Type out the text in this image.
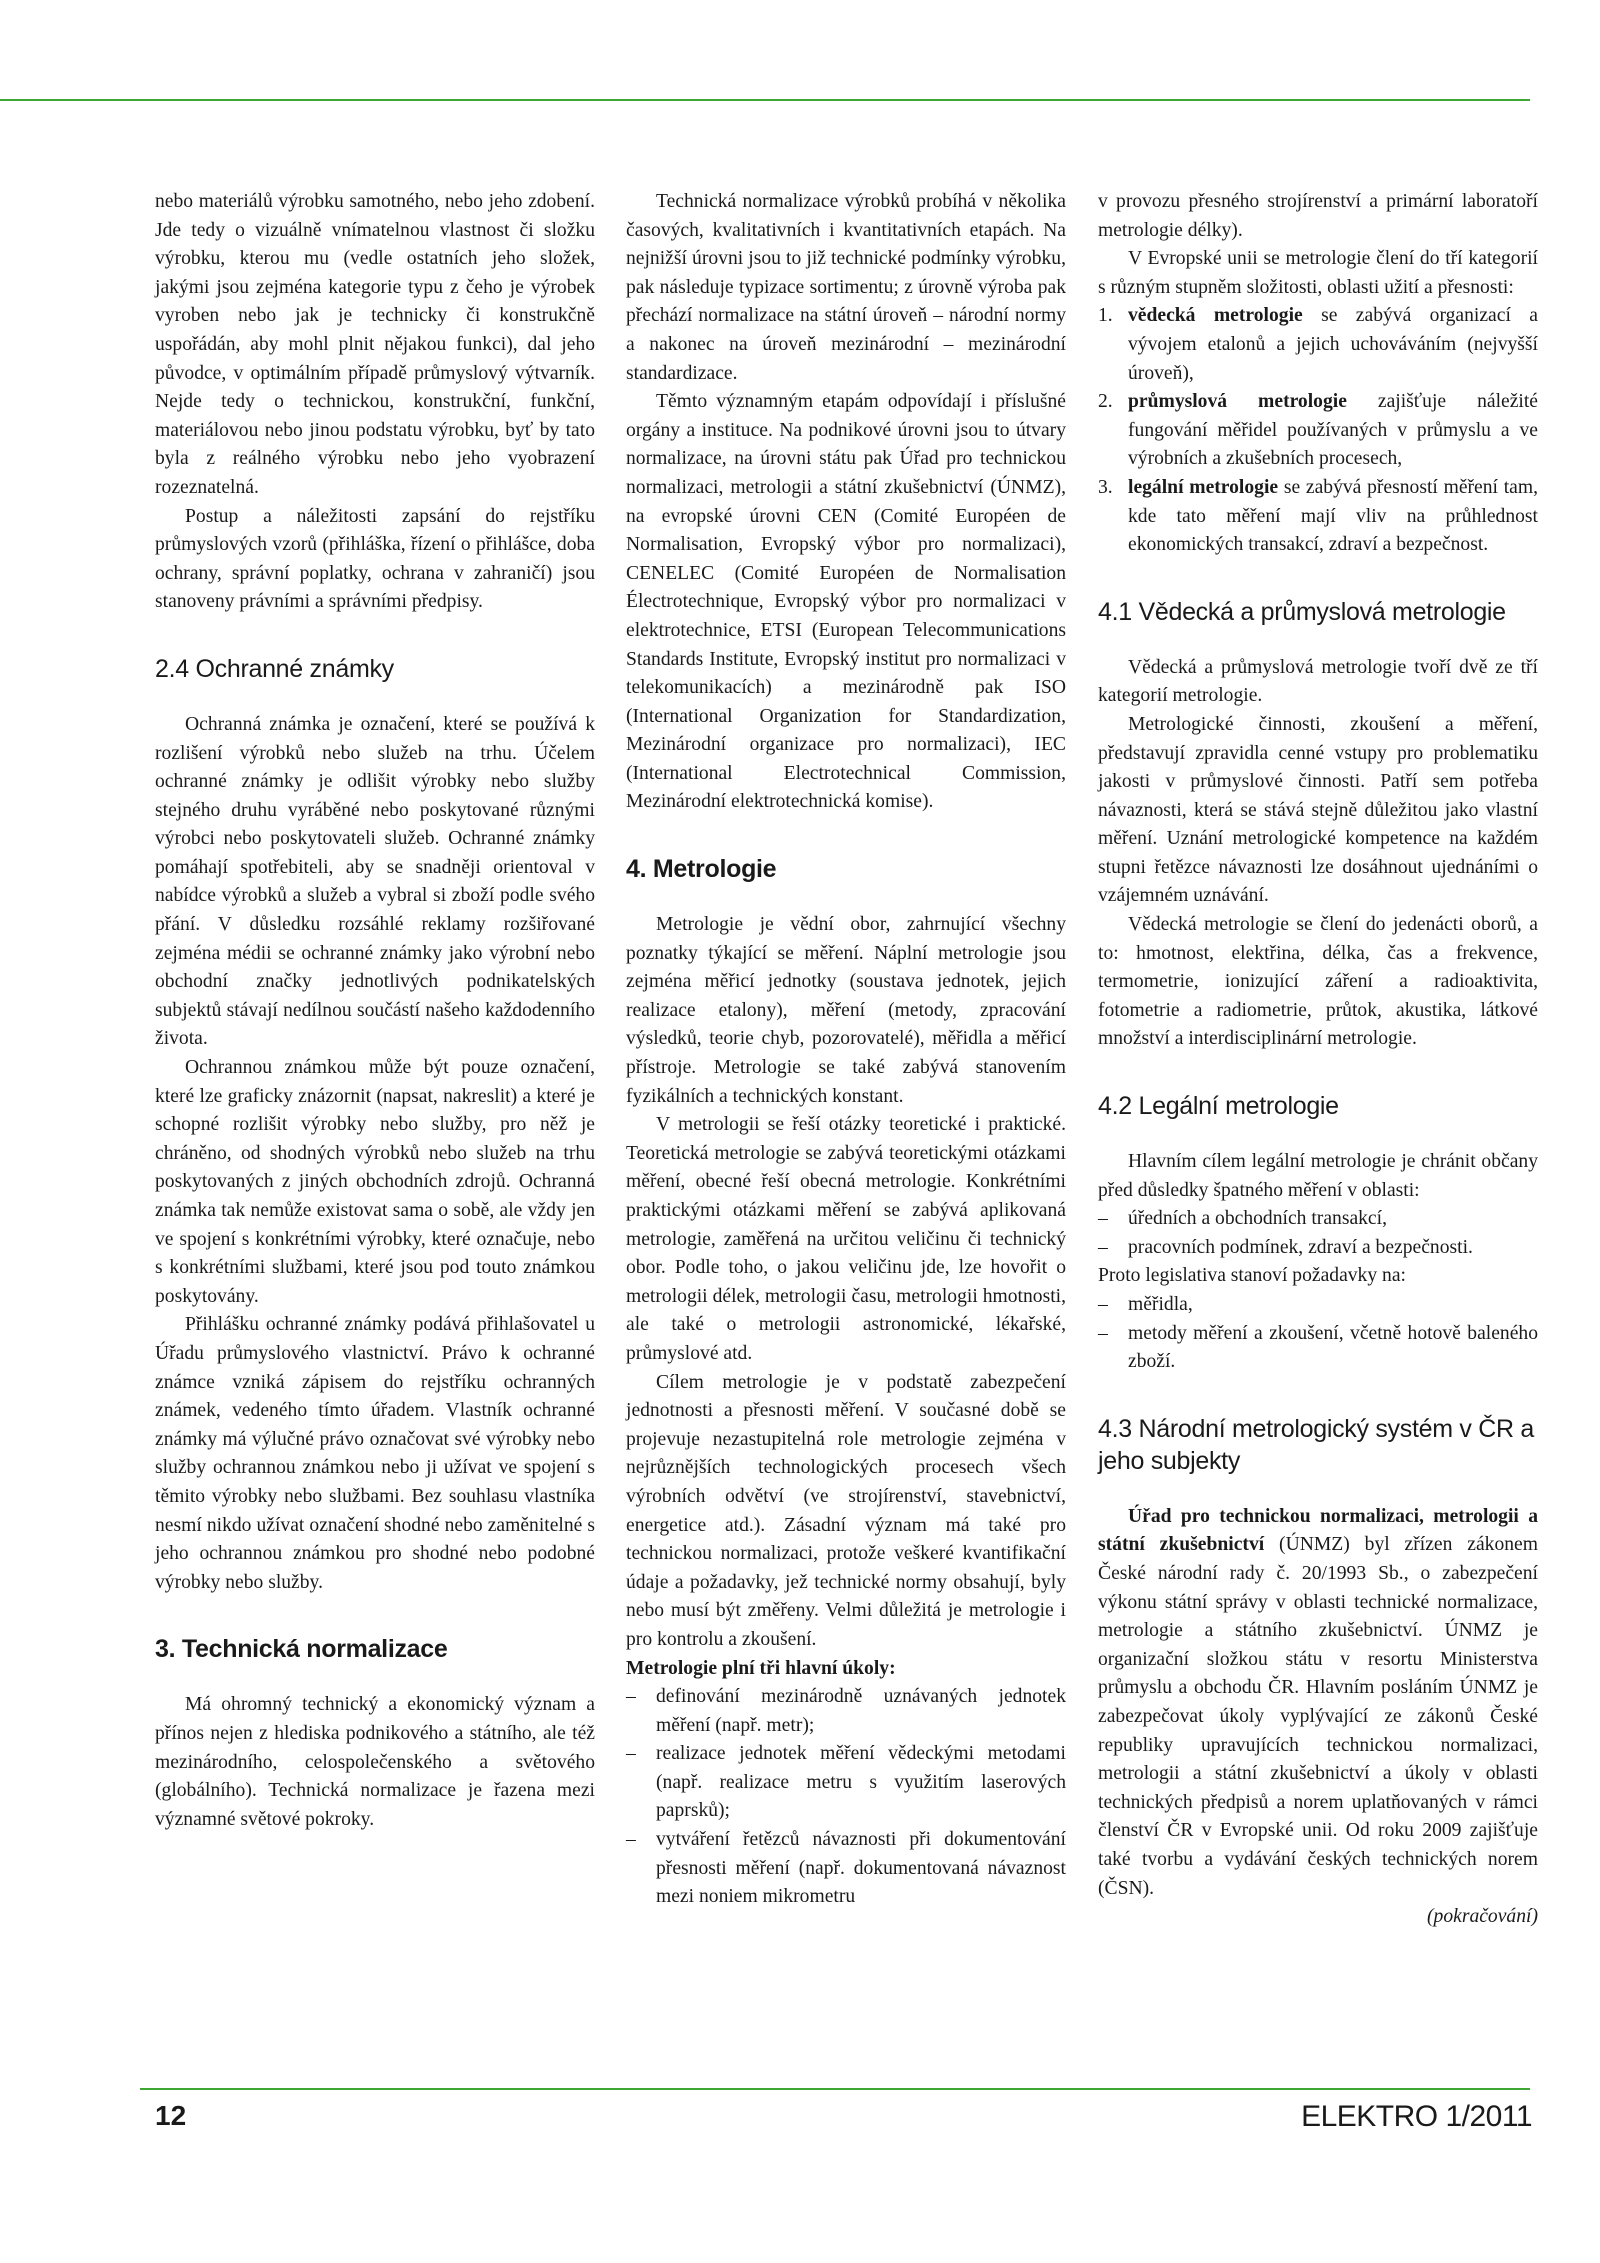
nebo materiálů výrobku samotného, nebo jeho zdobení. Jde tedy o vizuálně vnímatelnou vlastnost či složku výrobku, kterou mu (vedle ostatních jeho složek, jakými jsou zejména kategorie typu z čeho je výrobek vyroben nebo jak je technicky či konstrukčně uspořádán, aby mohl plnit nějakou funkci), dal jeho původce, v optimálním případě průmyslový výtvarník. Nejde tedy o technickou, konstrukční, funkční, materiálovou nebo jinou podstatu výrobku, byť by tato byla z reálného výrobku nebo jeho vyobrazení rozeznatelná.

Postup a náležitosti zapsání do rejstříku průmyslových vzorů (přihláška, řízení o přihlášce, doba ochrany, správní poplatky, ochrana v zahraničí) jsou stanoveny právními a správními předpisy.

2.4 Ochranné známky

Ochranná známka je označení, které se používá k rozlišení výrobků nebo služeb na trhu. Účelem ochranné známky je odlišit výrobky nebo služby stejného druhu vyráběné nebo poskytované různými výrobci nebo poskytovateli služeb. Ochranné známky pomáhají spotřebiteli, aby se snadněji orientoval v nabídce výrobků a služeb a vybral si zboží podle svého přání. V důsledku rozsáhlé reklamy rozšiřované zejména médii se ochranné známky jako výrobní nebo obchodní značky jednotlivých podnikatelských subjektů stávají nedílnou součástí našeho každodenního života.

Ochrannou známkou může být pouze označení, které lze graficky znázornit (napsat, nakreslit) a které je schopné rozlišit výrobky nebo služby, pro něž je chráněno, od shodných výrobků nebo služeb na trhu poskytovaných z jiných obchodních zdrojů. Ochranná známka tak nemůže existovat sama o sobě, ale vždy jen ve spojení s konkrétními výrobky, které označuje, nebo s konkrétními službami, které jsou pod touto známkou poskytovány.

Přihlášku ochranné známky podává přihlašovatel u Úřadu průmyslového vlastnictví. Právo k ochranné známce vzniká zápisem do rejstříku ochranných známek, vedeného tímto úřadem. Vlastník ochranné známky má výlučné právo označovat své výrobky nebo služby ochrannou známkou nebo ji užívat ve spojení s těmito výrobky nebo službami. Bez souhlasu vlastníka nesmí nikdo užívat označení shodné nebo zaměnitelné s jeho ochrannou známkou pro shodné nebo podobné výrobky nebo služby.

3. Technická normalizace

Má ohromný technický a ekonomický význam a přínos nejen z hlediska podnikového a státního, ale též mezinárodního, celospolečenského a světového (globálního). Technická normalizace je řazena mezi významné světové pokroky.

Technická normalizace výrobků probíhá v několika časových, kvalitativních i kvantitativních etapách. Na nejnižší úrovni jsou to již technické podmínky výrobku, pak následuje typizace sortimentu; z úrovně výroba pak přechází normalizace na státní úroveň – národní normy a nakonec na úroveň mezinárodní – mezinárodní standardizace.

Těmto významným etapám odpovídají i příslušné orgány a instituce. Na podnikové úrovni jsou to útvary normalizace, na úrovni státu pak Úřad pro technickou normalizaci, metrologii a státní zkušebnictví (ÚNMZ), na evropské úrovni CEN (Comité Européen de Normalisation, Evropský výbor pro normalizaci), CENELEC (Comité Européen de Normalisation Électrotechnique, Evropský výbor pro normalizaci v elektrotechnice, ETSI (European Telecommunications Standards Institute, Evropský institut pro normalizaci v telekomunikacích) a mezinárodně pak ISO (International Organization for Standardization, Mezinárodní organizace pro normalizaci), IEC (International Electrotechnical Commission, Mezinárodní elektrotechnická komise).

4. Metrologie

Metrologie je vědní obor, zahrnující všechny poznatky týkající se měření. Náplní metrologie jsou zejména měřicí jednotky (soustava jednotek, jejich realizace etalony), měření (metody, zpracování výsledků, teorie chyb, pozorovatelé), měřidla a měřicí přístroje. Metrologie se také zabývá stanovením fyzikálních a technických konstant.

V metrologii se řeší otázky teoretické i praktické. Teoretická metrologie se zabývá teoretickými otázkami měření, obecné řeší obecná metrologie. Konkrétními praktickými otázkami měření se zabývá aplikovaná metrologie, zaměřená na určitou veličinu či technický obor. Podle toho, o jakou veličinu jde, lze hovořit o metrologii délek, metrologii času, metrologii hmotnosti, ale také o metrologii astronomické, lékařské, průmyslové atd.

Cílem metrologie je v podstatě zabezpečení jednotnosti a přesnosti měření. V současné době se projevuje nezastupitelná role metrologie zejména v nejrůznějších technologických procesech všech výrobních odvětví (ve strojírenství, stavebnictví, energetice atd.). Zásadní význam má také pro technickou normalizaci, protože veškeré kvantifikační údaje a požadavky, jež technické normy obsahují, byly nebo musí být změřeny. Velmi důležitá je metrologie i pro kontrolu a zkoušení.

Metrologie plní tři hlavní úkoly:

– definování mezinárodně uznávaných jednotek měření (např. metr);
– realizace jednotek měření vědeckými metodami (např. realizace metru s využitím laserových paprsků);
– vytváření řetězců návaznosti při dokumentování přesnosti měření (např. dokumentovaná návaznost mezi noniem mikrometru

v provozu přesného strojírenství a primární laboratoří metrologie délky).

V Evropské unii se metrologie člení do tří kategorií s různým stupněm složitosti, oblasti užití a přesnosti:

1. vědecká metrologie se zabývá organizací a vývojem etalonů a jejich uchováváním (nejvyšší úroveň),
2. průmyslová metrologie zajišťuje náležité fungování měřidel používaných v průmyslu a ve výrobních a zkušebních procesech,
3. legální metrologie se zabývá přesností měření tam, kde tato měření mají vliv na průhlednost ekonomických transakcí, zdraví a bezpečnost.
4.1 Vědecká a průmyslová metrologie

Vědecká a průmyslová metrologie tvoří dvě ze tří kategorií metrologie.

Metrologické činnosti, zkoušení a měření, představují zpravidla cenné vstupy pro problematiku jakosti v průmyslové činnosti. Patří sem potřeba návaznosti, která se stává stejně důležitou jako vlastní měření. Uznání metrologické kompetence na každém stupni řetězce návaznosti lze dosáhnout ujednáními o vzájemném uznávání.

Vědecká metrologie se člení do jedenácti oborů, a to: hmotnost, elektřina, délka, čas a frekvence, termometrie, ionizující záření a radioaktivita, fotometrie a radiometrie, průtok, akustika, látkové množství a interdisciplinární metrologie.

4.2 Legální metrologie

Hlavním cílem legální metrologie je chránit občany před důsledky špatného měření v oblasti:

– úředních a obchodních transakcí,
– pracovních podmínek, zdraví a bezpečnosti.

Proto legislativa stanoví požadavky na:

– měřidla,
– metody měření a zkoušení, včetně hotově baleného zboží.
4.3 Národní metrologický systém v ČR a jeho subjekty

Úřad pro technickou normalizaci, metrologii a státní zkušebnictví (ÚNMZ) byl zřízen zákonem České národní rady č. 20/1993 Sb., o zabezpečení výkonu státní správy v oblasti technické normalizace, metrologie a státního zkušebnictví. ÚNMZ je organizační složkou státu v resortu Ministerstva průmyslu a obchodu ČR. Hlavním posláním ÚNMZ je zabezpečovat úkoly vyplývající ze zákonů České republiky upravujících technickou normalizaci, metrologii a státní zkušebnictví a úkoly v oblasti technických předpisů a norem uplatňovaných v rámci členství ČR v Evropské unii. Od roku 2009 zajišťuje také tvorbu a vydávání českých technických norem (ČSN).

(pokračování)

12	ELEKTRO 1/2011
